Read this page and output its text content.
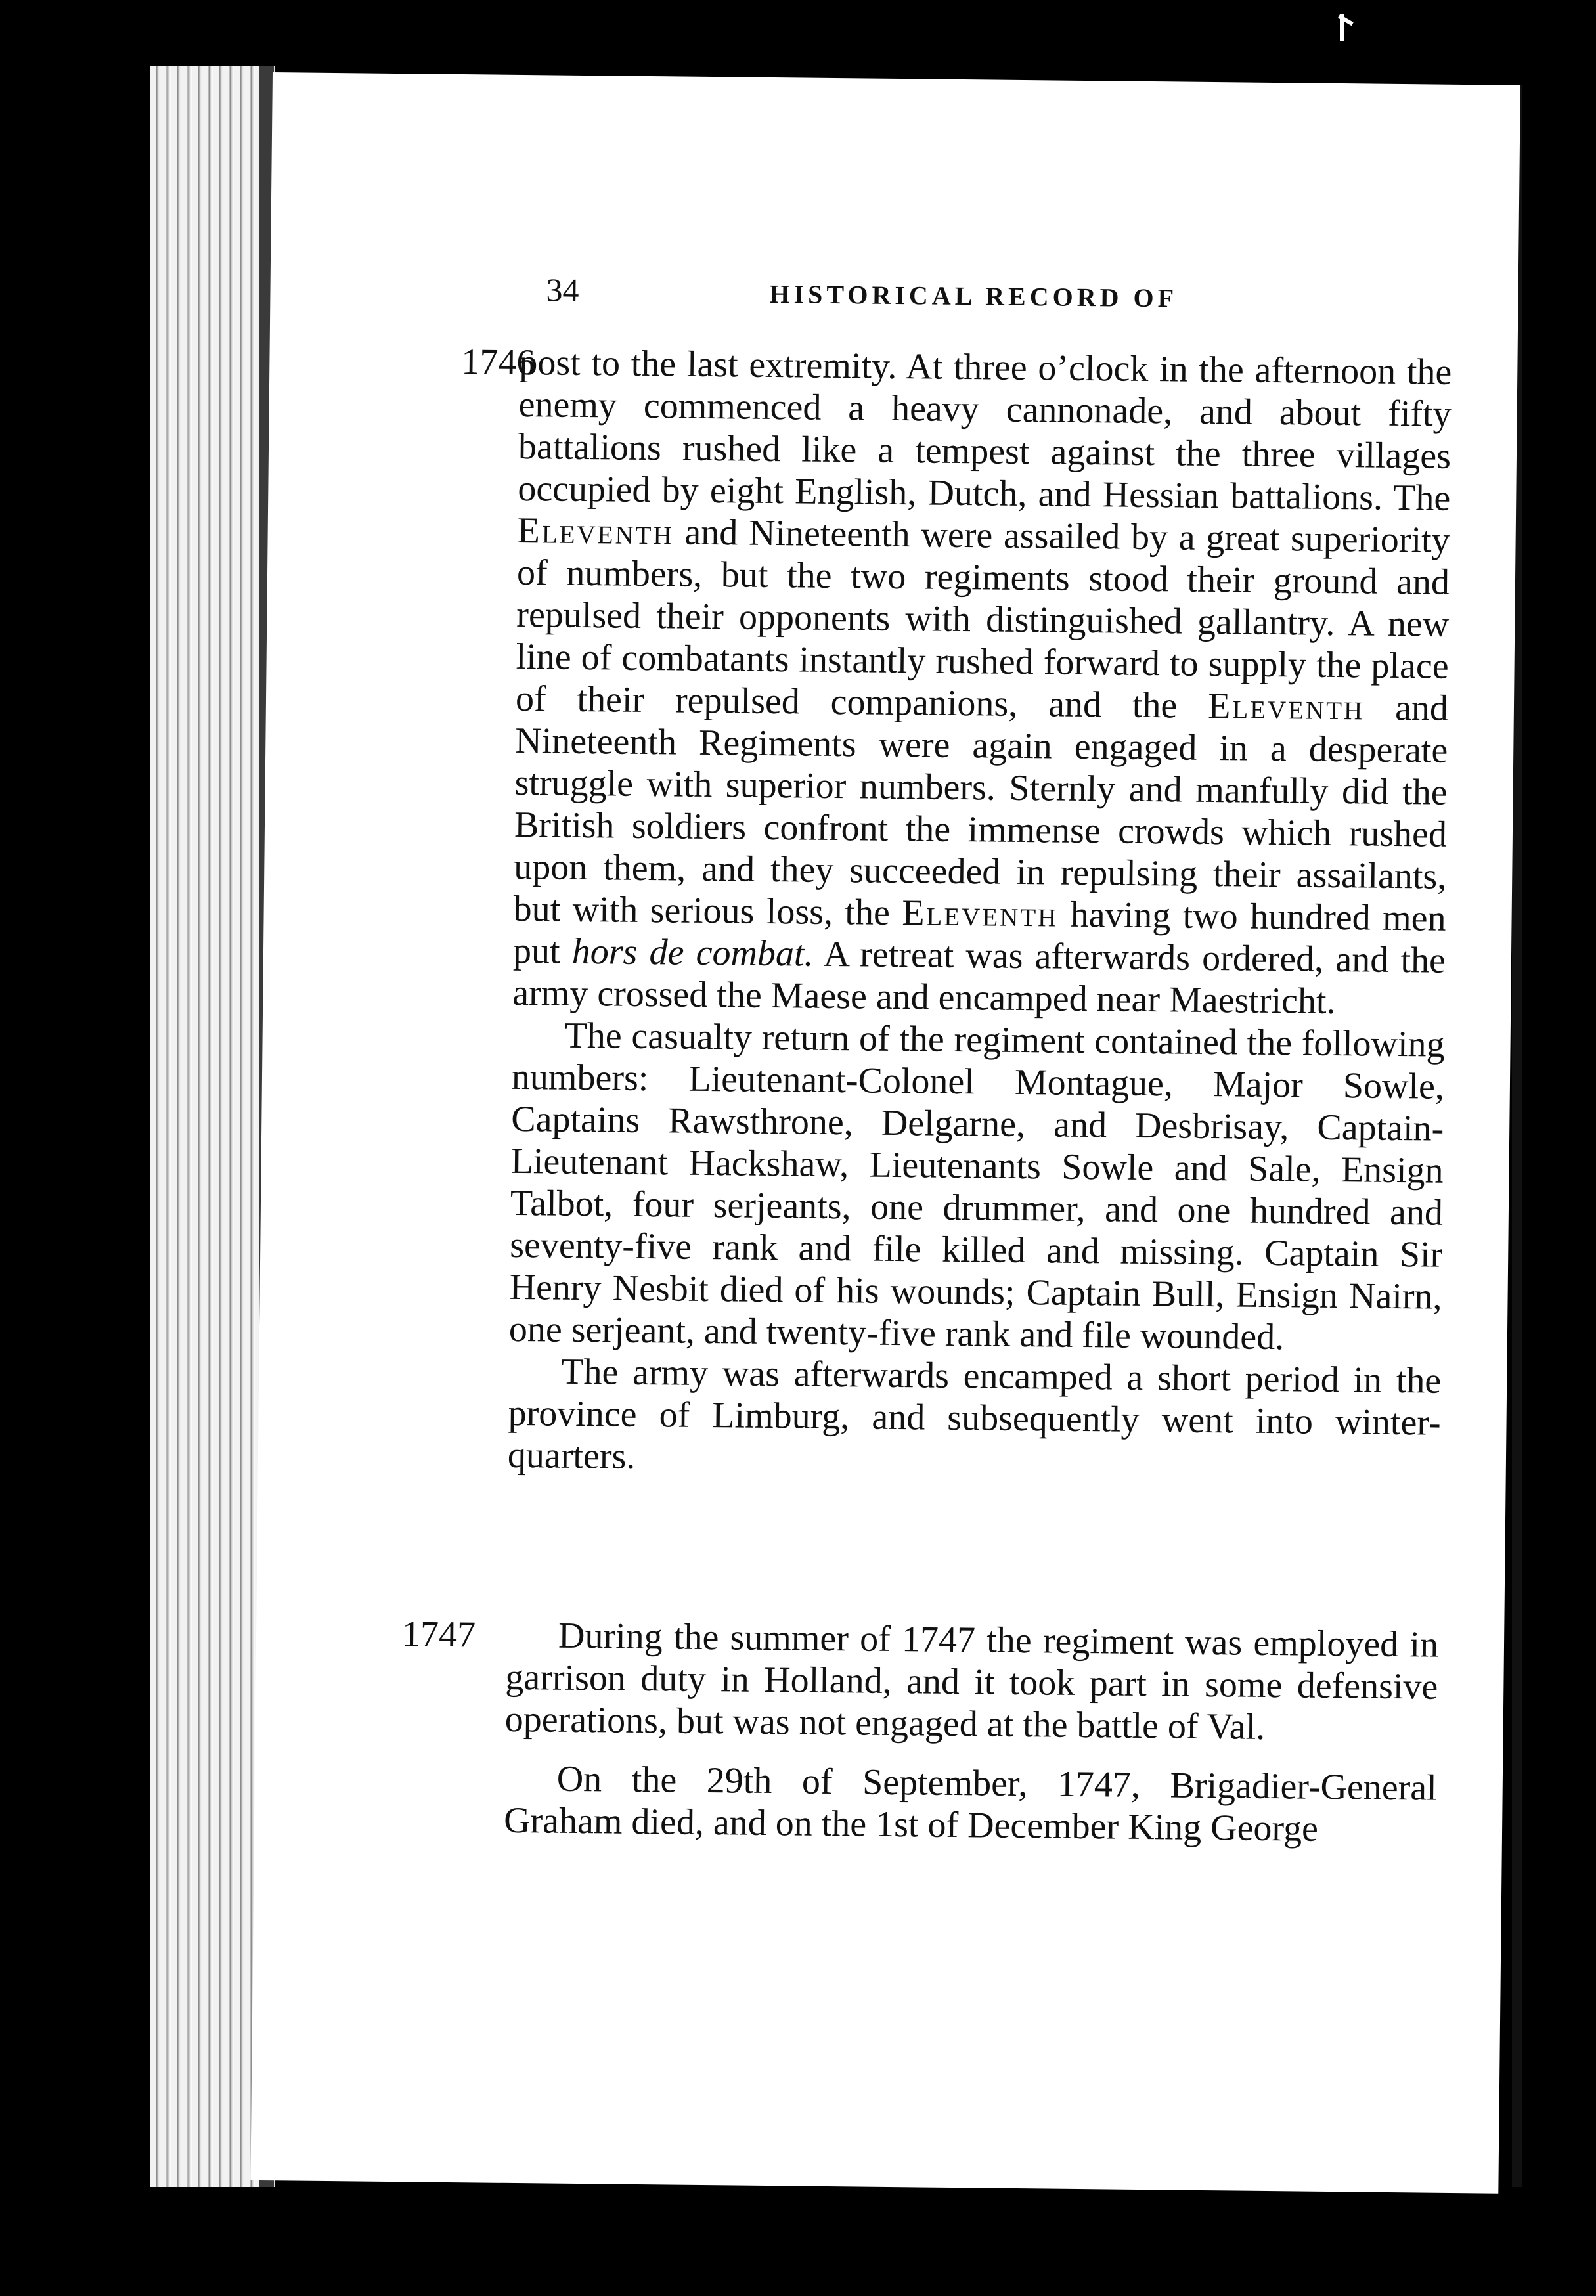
34	HISTORICAL RECORD OF
1746

post to the last extremity. At three o’clock in the afternoon the enemy commenced a heavy cannonade, and about fifty battalions rushed like a tempest against the three villages occupied by eight English, Dutch, and Hessian battalions. The Eleventh and Nineteenth were assailed by a great superiority of numbers, but the two regiments stood their ground and repulsed their opponents with distinguished gallantry. A new line of combatants instantly rushed forward to supply the place of their repulsed companions, and the Eleventh and Nineteenth Regiments were again engaged in a desperate struggle with superior numbers. Sternly and manfully did the British soldiers confront the immense crowds which rushed upon them, and they succeeded in repulsing their assailants, but with serious loss, the Eleventh having two hundred men put hors de combat. A retreat was afterwards ordered, and the army crossed the Maese and encamped near Maestricht.

The casualty return of the regiment contained the following numbers: Lieutenant-Colonel Montague, Major Sowle, Captains Rawsthrone, Delgarne, and Desbrisay, Captain-Lieutenant Hackshaw, Lieutenants Sowle and Sale, Ensign Talbot, four serjeants, one drummer, and one hundred and seventy-five rank and file killed and missing. Captain Sir Henry Nesbit died of his wounds; Captain Bull, Ensign Nairn, one serjeant, and twenty-five rank and file wounded.

The army was afterwards encamped a short period in the province of Limburg, and subsequently went into winter-quarters.

1747	During the summer of 1747 the regiment was employed in garrison duty in Holland, and it took part in some defensive operations, but was not engaged at the battle of Val.

On the 29th of September, 1747, Brigadier-General Graham died, and on the 1st of December King George
